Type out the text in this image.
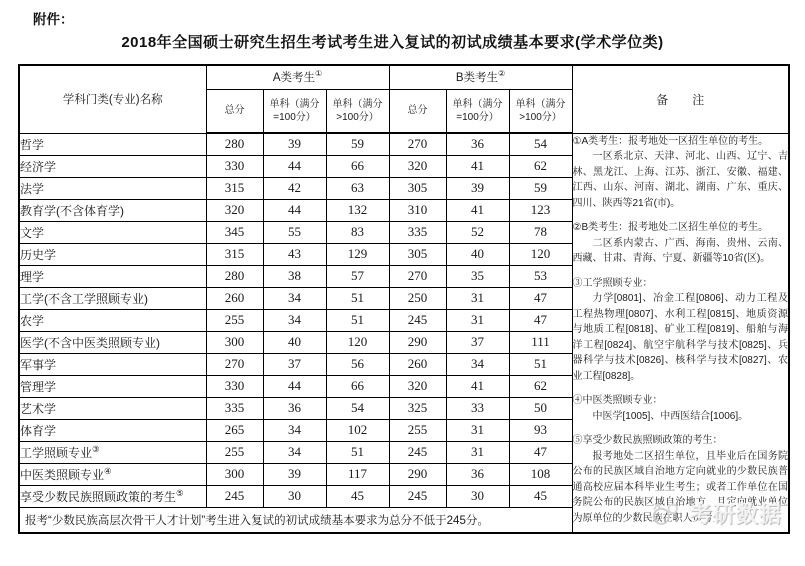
附件：
2018年全国硕士研究生招生考试考生进入复试的初试成绩基本要求(学术学位类)
学科门类(专业)名称	A类考生①			B类考生②			备　　注
	总分	单科（满分=100分）	单科（满分>100分）	总分	单科（满分=100分）	单科（满分>100分）	
哲学	280	39	59	270	36	54	①A类考生：报考地处一区招生单位的考生。

一区系北京、天津、河北、山西、辽宁、吉林、黑龙江、上海、江苏、浙江、安徽、福建、江西、山东、河南、湖北、湖南、广东、重庆、四川、陕西等21省(市)。

②B类考生：报考地处二区招生单位的考生。

二区系内蒙古、广西、海南、贵州、云南、西藏、甘肃、青海、宁夏、新疆等10省(区)。

③工学照顾专业：

力学[0801]、冶金工程[0806]、动力工程及工程热物理[0807]、水利工程[0815]、地质资源与地质工程[0818]、矿业工程[0819]、船舶与海洋工程[0824]、航空宇航科学与技术[0825]、兵器科学与技术[0826]、核科学与技术[0827]、农业工程[0828]。

④中医类照顾专业：

中医学[1005]、中西医结合[1006]。

⑤享受少数民族照顾政策的考生：

报考地处二区招生单位，且毕业后在国务院公布的民族区域自治地方定向就业的少数民族普通高校应届本科毕业生考生；或者工作单位在国务院公布的民族区域自治地方，且定向就业单位为原单位的少数民族在职人员考生。

考研数据

经济学	330	44	66	320	41	62	
法学	315	42	63	305	39	59	
教育学(不含体育学)	320	44	132	310	41	123	
文学	345	55	83	335	52	78	
历史学	315	43	129	305	40	120	
理学	280	38	57	270	35	53	
工学(不含工学照顾专业)	260	34	51	250	31	47	
农学	255	34	51	245	31	47	
医学(不含中医类照顾专业)	300	40	120	290	37	111	
军事学	270	37	56	260	34	51	
管理学	330	44	66	320	41	62	
艺术学	335	36	54	325	33	50	
体育学	265	34	102	255	31	93	
工学照顾专业③	255	34	51	245	31	47	
中医类照顾专业④	300	39	117	290	36	108	
享受少数民族照顾政策的考生⑤	245	30	45	245	30	45	
报考“少数民族高层次骨干人才计划”考生进入复试的初试成绩基本要求为总分不低于245分。							
